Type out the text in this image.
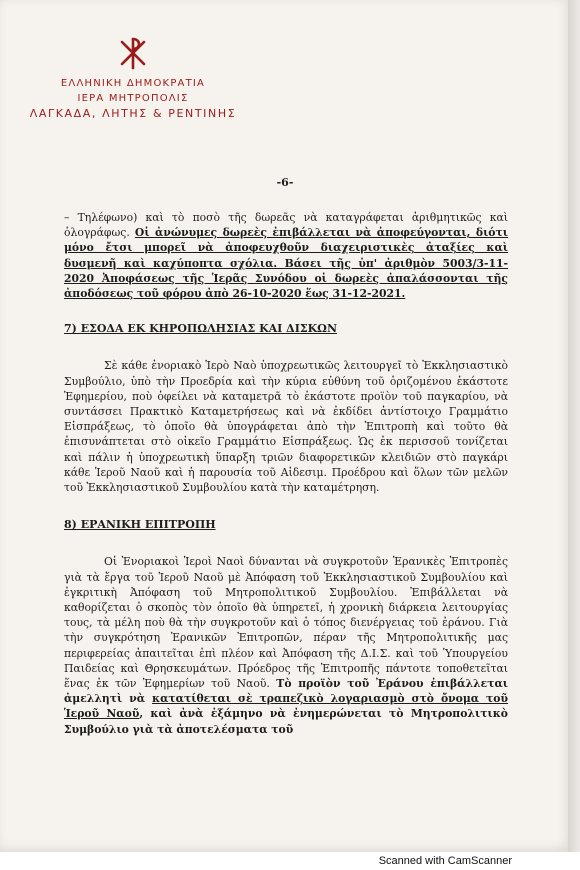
ΕΛΛΗΝΙΚΗ ΔΗΜΟΚΡΑΤΙΑ
ΙΕΡΑ ΜΗΤΡΟΠΟΛΙΣ
ΛΑΓΚΑΔΑ, ΛΗΤΗΣ & ΡΕΝΤΙΝΗΣ
-6-

– Τηλέφωνο) καὶ τὸ ποσὸ τῆς δωρεᾶς νὰ καταγράφεται ἀριθμητικῶς καὶ ὁλογράφως. Οἱ ἀνώνυμες δωρεὲς ἐπιβάλλεται νὰ ἀποφεύγονται, διότι μόνο ἔτσι μπορεῖ νὰ ἀποφευχθοῦν διαχειριστικὲς ἀταξίες καὶ δυσμενῆ καὶ καχύποπτα σχόλια. Βάσει τῆς ὑπ' ἀριθμὸν 5003/3-11-2020 Ἀποφάσεως τῆς Ἱερᾶς Συνόδου οἱ δωρεὲς ἀπαλάσσονται τῆς ἀποδόσεως τοῦ φόρου ἀπὸ 26-10-2020 ἕως 31-12-2021.

7) ΕΣΟΔΑ ΕΚ ΚΗΡΟΠΩΛΗΣΙΑΣ ΚΑΙ ΔΙΣΚΩΝ

Σὲ κάθε ἐνοριακὸ Ἱερὸ Ναὸ ὑποχρεωτικῶς λειτουργεῖ τὸ Ἐκκλησιαστικὸ Συμβούλιο, ὑπὸ τὴν Προεδρία καὶ τὴν κύρια εὐθύνη τοῦ ὁριζομένου ἑκάστοτε Ἐφημερίου, ποὺ ὀφείλει νὰ καταμετρᾶ τὸ ἑκάστοτε προϊὸν τοῦ παγκαρίου, νὰ συντάσσει Πρακτικὸ Καταμετρήσεως καὶ νὰ ἐκδίδει ἀντίστοιχο Γραμμάτιο Εἰσπράξεως, τὸ ὁποῖο θὰ ὑπογράφεται ἀπὸ τὴν Ἐπιτροπὴ καὶ τοῦτο θὰ ἐπισυνάπτεται στὸ οἰκεῖο Γραμμάτιο Εἰσπράξεως. Ὡς ἐκ περισσοῦ τονίζεται καὶ πάλιν ἡ ὑποχρεωτικὴ ὕπαρξη τριῶν διαφορετικῶν κλειδιῶν στὸ παγκάρι κάθε Ἱεροῦ Ναοῦ καὶ ἡ παρουσία τοῦ Αἰδεσιμ. Προέδρου καὶ ὅλων τῶν μελῶν τοῦ Ἐκκλησιαστικοῦ Συμβουλίου κατὰ τὴν καταμέτρηση.

8) ΕΡΑΝΙΚΗ ΕΠΙΤΡΟΠΗ

Οἱ Ἐνοριακοὶ Ἱεροὶ Ναοὶ δύνανται νὰ συγκροτοῦν Ἐρανικὲς Ἐπιτροπὲς γιὰ τὰ ἔργα τοῦ Ἱεροῦ Ναοῦ μὲ Ἀπόφαση τοῦ Ἐκκλησιαστικοῦ Συμβουλίου καὶ ἐγκριτικὴ Ἀπόφαση τοῦ Μητροπολιτικοῦ Συμβουλίου. Ἐπιβάλλεται νὰ καθορίζεται ὁ σκοπὸς τὸν ὁποῖο θὰ ὑπηρετεῖ, ἡ χρονικὴ διάρκεια λειτουργίας τους, τὰ μέλη ποὺ θὰ τὴν συγκροτοῦν καὶ ὁ τόπος διενέργειας τοῦ ἐράνου. Γιὰ τὴν συγκρότηση Ἐρανικῶν Ἐπιτροπῶν, πέραν τῆς Μητροπολιτικῆς μας περιφερείας ἀπαιτεῖται ἐπὶ πλέον καὶ Ἀπόφαση τῆς Δ.Ι.Σ. καὶ τοῦ Ὑπουργείου Παιδείας καὶ Θρησκευμάτων. Πρόεδρος τῆς Ἐπιτροπῆς πάντοτε τοποθετεῖται ἕνας ἐκ τῶν Ἐφημερίων τοῦ Ναοῦ. Τὸ προϊὸν τοῦ Ἐράνου ἐπιβάλλεται ἀμελλητὶ νὰ κατατίθεται σὲ τραπεζικὸ λογαριασμὸ στὸ ὄνομα τοῦ Ἱεροῦ Ναοῦ, καὶ ἀνὰ ἑξάμηνο νὰ ἐνημερώνεται τὸ Μητροπολιτικὸ Συμβούλιο γιὰ τὰ ἀποτελέσματα τοῦ

Scanned with CamScanner
